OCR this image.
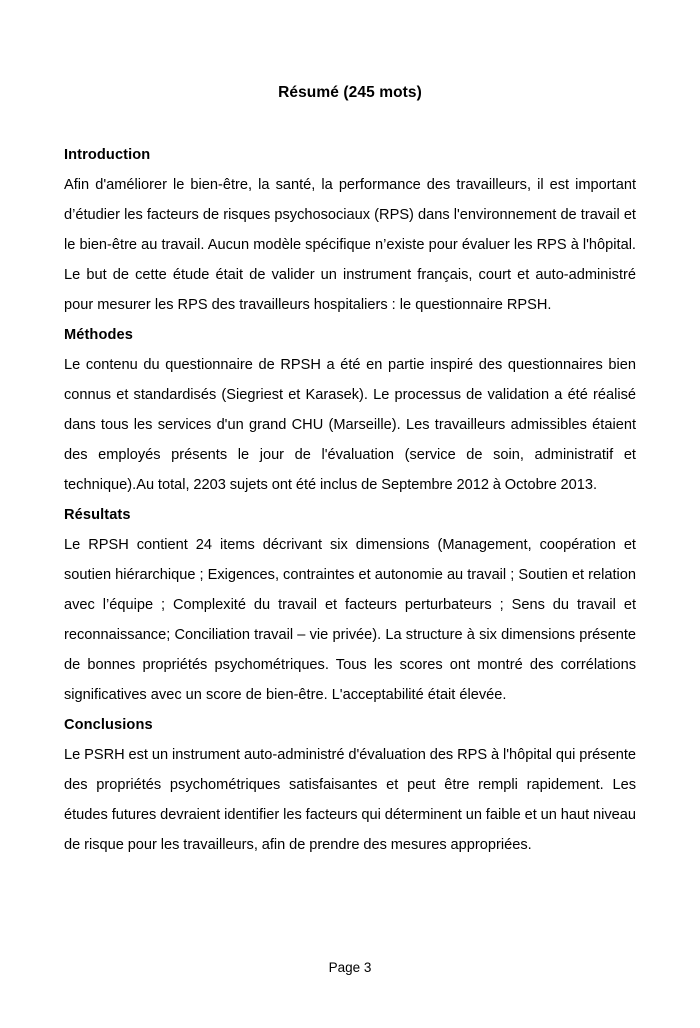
Résumé (245 mots)
Introduction
Afin d'améliorer le bien-être, la santé, la performance des travailleurs, il est important d’étudier les facteurs de risques psychosociaux (RPS) dans l'environnement de travail et le bien-être au travail. Aucun modèle spécifique n’existe pour évaluer les RPS à l'hôpital. Le but de cette étude était de valider un instrument français, court et auto-administré pour mesurer les RPS des travailleurs hospitaliers : le questionnaire RPSH.
Méthodes
Le contenu du questionnaire de RPSH a été en partie inspiré des questionnaires bien connus et standardisés (Siegriest et Karasek). Le processus de validation a été réalisé dans tous les services d'un grand CHU (Marseille). Les travailleurs admissibles étaient des employés présents le jour de l'évaluation (service de soin, administratif et technique).Au total, 2203 sujets ont été inclus de Septembre 2012 à Octobre 2013.
Résultats
Le RPSH contient 24 items décrivant six dimensions (Management, coopération et soutien hiérarchique ; Exigences, contraintes et autonomie au travail ; Soutien et relation avec l’équipe ; Complexité du travail et facteurs perturbateurs ; Sens du travail et reconnaissance; Conciliation travail – vie privée). La structure à six dimensions présente de bonnes propriétés psychométriques. Tous les scores ont montré des corrélations significatives avec un score de bien-être. L'acceptabilité était élevée.
Conclusions
Le PSRH est un instrument auto-administré d'évaluation des RPS à l'hôpital qui présente des propriétés psychométriques satisfaisantes et peut être rempli rapidement. Les études futures devraient identifier les facteurs qui déterminent un faible et un haut niveau de risque pour les travailleurs, afin de prendre des mesures appropriées.
Page 3
